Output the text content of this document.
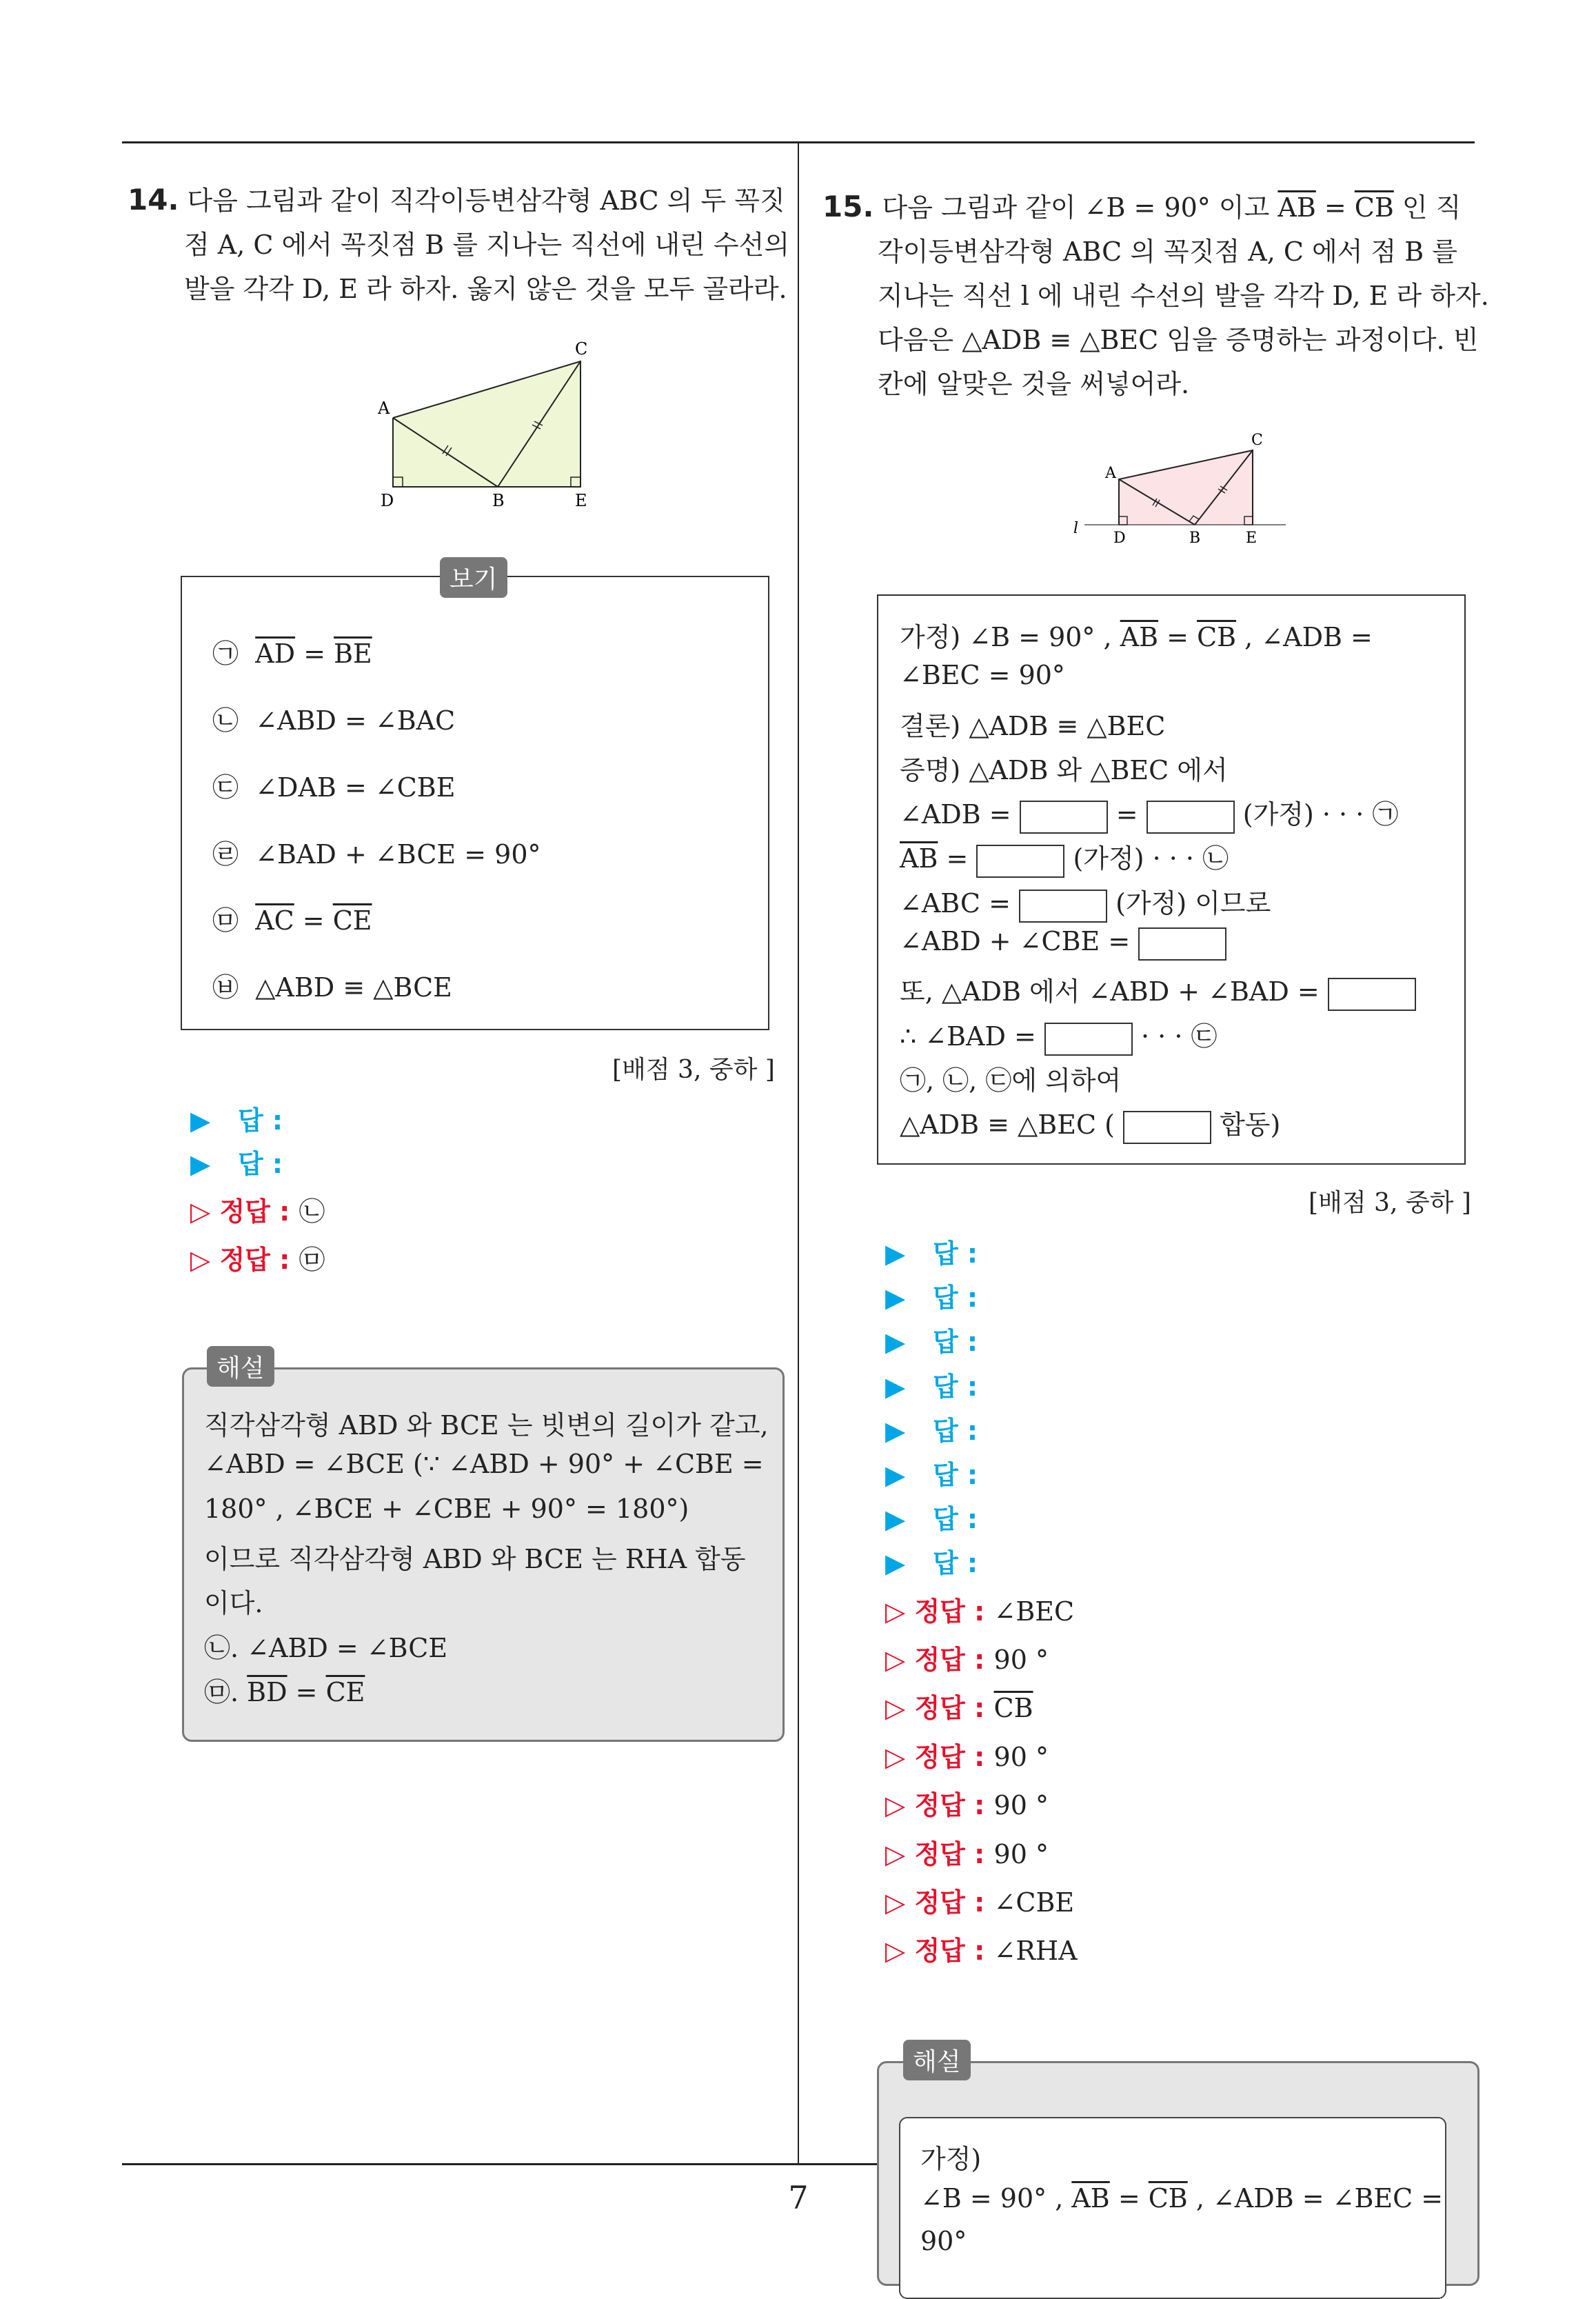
7
14. 다음 그림과 같이 직각이등변삼각형 ABC 의 두 꼭짓
점 A, C 에서 꼭짓점 B 를 지나는 직선에 내린 수선의
발을 각각 D, E 라 하자. 옳지 않은 것을 모두 골라라.
A
C
D	B	E
보기
㉠ $\overline{AD} = \overline{BE}$
㉡ ∠ABD = ∠BAC
㉢ ∠DAB = ∠CBE
㉣ ∠BAD + ∠BCE = 90°
㉤ $\overline{AC} = \overline{CE}$
㉥ △ABD ≡ △BCE
[배점 3, 중하 ]
▶ 답 :
▶ 답 :
▷ 정답 : ㉡
▷ 정답 : ㉤
해설
직각삼각형 ABD 와 BCE 는 빗변의 길이가 같고,
∠ABD = ∠BCE (∵ ∠ABD + 90° + ∠CBE =
180° , ∠BCE + ∠CBE + 90° = 180°)
이므로 직각삼각형 ABD 와 BCE 는 RHA 합동
이다.
㉡. ∠ABD = ∠BCE
㉤. $\overline{BD} = \overline{CE}$
15. 다음 그림과 같이 ∠B = 90° 이고 $\overline{AB} = \overline{CB}$ 인 직
각이등변삼각형 ABC 의 꼭짓점 A, C 에서 점 B 를
지나는 직선 l 에 내린 수선의 발을 각각 D, E 라 하자.
다음은 △ADB ≡ △BEC 임을 증명하는 과정이다. 빈
칸에 알맞은 것을 써넣어라.
A
C
D	B	E
l
가정) ∠B = 90° , $\overline{AB} = \overline{CB}$ , ∠ADB =
∠BEC = 90°
결론) △ADB ≡ △BEC
증명) △ADB 와 △BEC 에서
∠ADB =	=	(가정) · · · ㉠
$\overline{AB}$ =	(가정) · · · ㉡
∠ABC =	(가정) 이므로
∠ABD + ∠CBE =
또, △ADB 에서 ∠ABD + ∠BAD =
∴ ∠BAD =	· · · ㉢
㉠, ㉡, ㉢에 의하여
△ADB ≡ △BEC (	합동)
[배점 3, 중하 ]
▶ 답 :
▶ 답 :
▶ 답 :
▶ 답 :
▶ 답 :
▶ 답 :
▶ 답 :
▶ 답 :
▷ 정답 : ∠BEC
▷ 정답 : 90 °
▷ 정답 : $\overline{CB}$
▷ 정답 : 90 °
▷ 정답 : 90 °
▷ 정답 : 90 °
▷ 정답 : ∠CBE
▷ 정답 : ∠RHA
해설
가정)
∠B = 90° , $\overline{AB} = \overline{CB}$ , ∠ADB = ∠BEC =
90°
